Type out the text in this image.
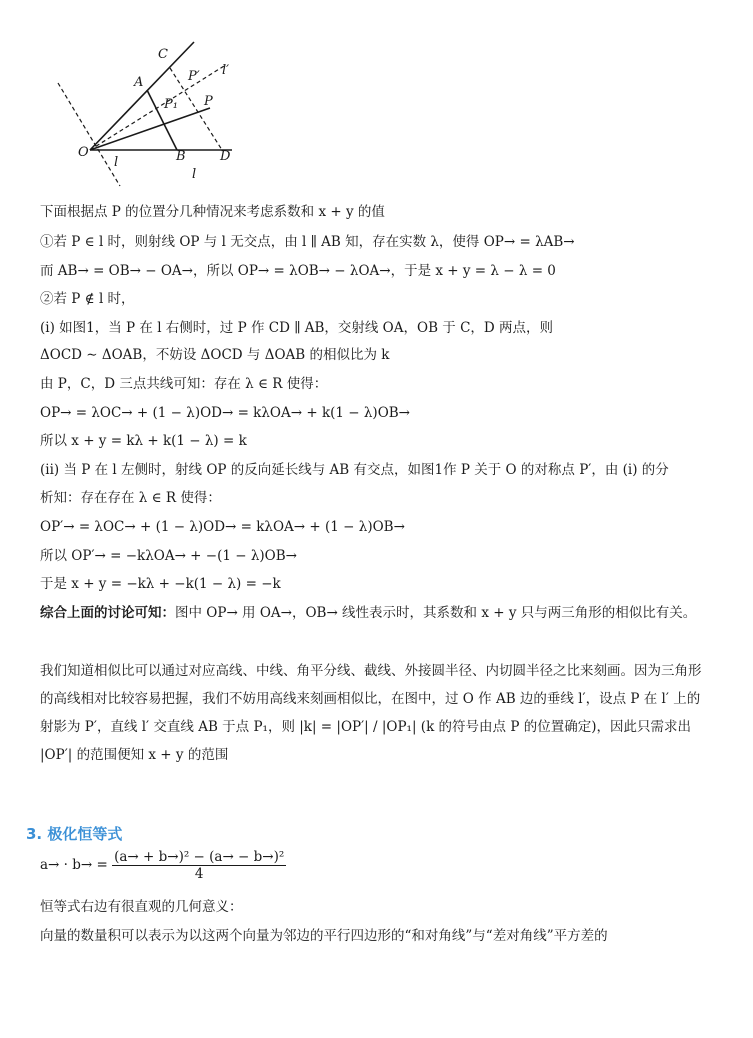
C
A	P′ l′
P₁ P
O
l	B	D
l
下面根据点 P 的位置分几种情况来考虑系数和 x + y 的值
①若 P ∈ l 时，则射线 OP 与 l 无交点，由 l ∥ AB 知，存在实数 λ，使得 OP→ = λAB→
而 AB→ = OB→ − OA→，所以 OP→ = λOB→ − λOA→，于是 x + y = λ − λ = 0
②若 P ∉ l 时，
(i) 如图1，当 P 在 l 右侧时，过 P 作 CD ∥ AB，交射线 OA，OB 于 C，D 两点，则
ΔOCD ∼ ΔOAB，不妨设 ΔOCD 与 ΔOAB 的相似比为 k
由 P，C，D 三点共线可知：存在 λ ∈ R 使得：
OP→ = λOC→ + (1 − λ)OD→ = kλOA→ + k(1 − λ)OB→
所以 x + y = kλ + k(1 − λ) = k
(ii) 当 P 在 l 左侧时，射线 OP 的反向延长线与 AB 有交点，如图1作 P 关于 O 的对称点 P′，由 (i) 的分
析知：存在存在 λ ∈ R 使得：
OP′→ = λOC→ + (1 − λ)OD→ = kλOA→ + (1 − λ)OB→
所以 OP′→ = −kλOA→ + −(1 − λ)OB→
于是 x + y = −kλ + −k(1 − λ) = −k
综合上面的讨论可知：图中 OP→ 用 OA→，OB→ 线性表示时，其系数和 x + y 只与两三角形的相似比有关。
我们知道相似比可以通过对应高线、中线、角平分线、截线、外接圆半径、内切圆半径之比来刻画。因为三角形的高线相对比较容易把握，我们不妨用高线来刻画相似比，在图中，过 O 作 AB 边的垂线 l′，设点 P 在 l′ 上的射影为 P′，直线 l′ 交直线 AB 于点 P₁，则 |k| = |OP′| / |OP₁| (k 的符号由点 P 的位置确定)，因此只需求出 |OP′| 的范围便知 x + y 的范围
3. 极化恒等式
$a\to \cdot b\to = \frac{\text{(a→ + b→)² − (a→ − b→)²}}{4}$
恒等式右边有很直观的几何意义：
向量的数量积可以表示为以这两个向量为邻边的平行四边形的“和对角线”与“差对角线”平方差的
